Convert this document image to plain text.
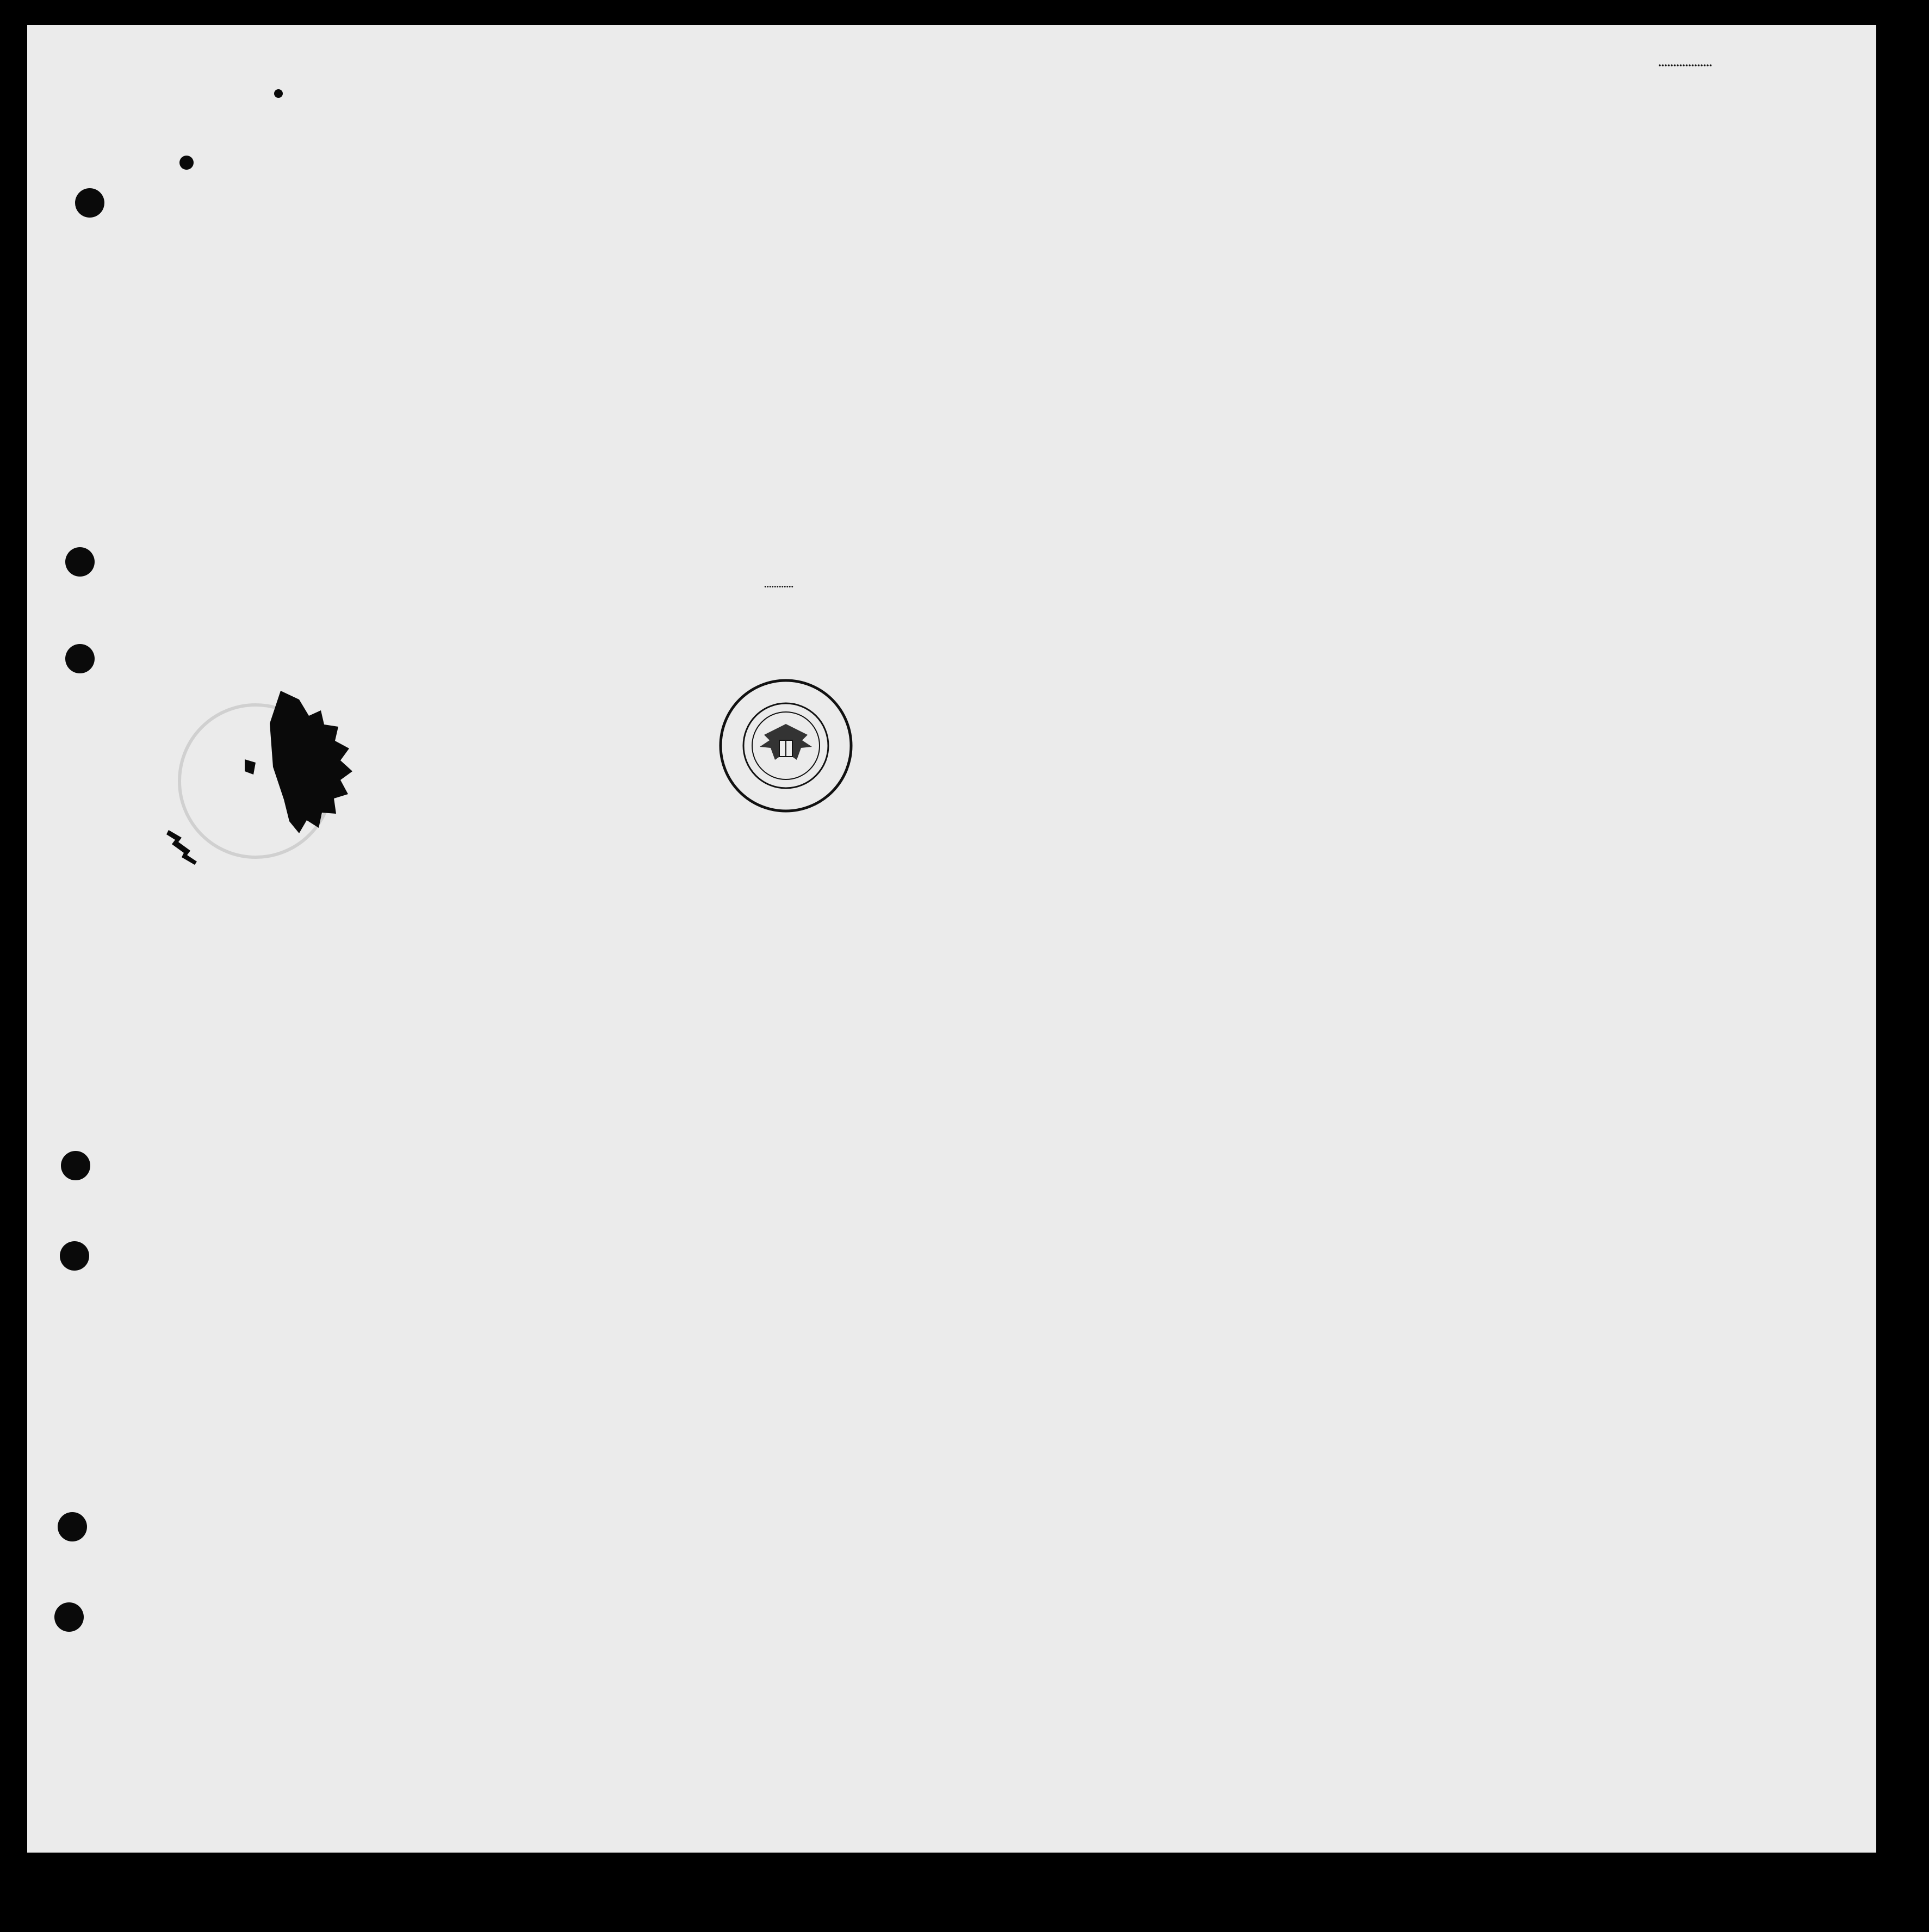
..................
............
